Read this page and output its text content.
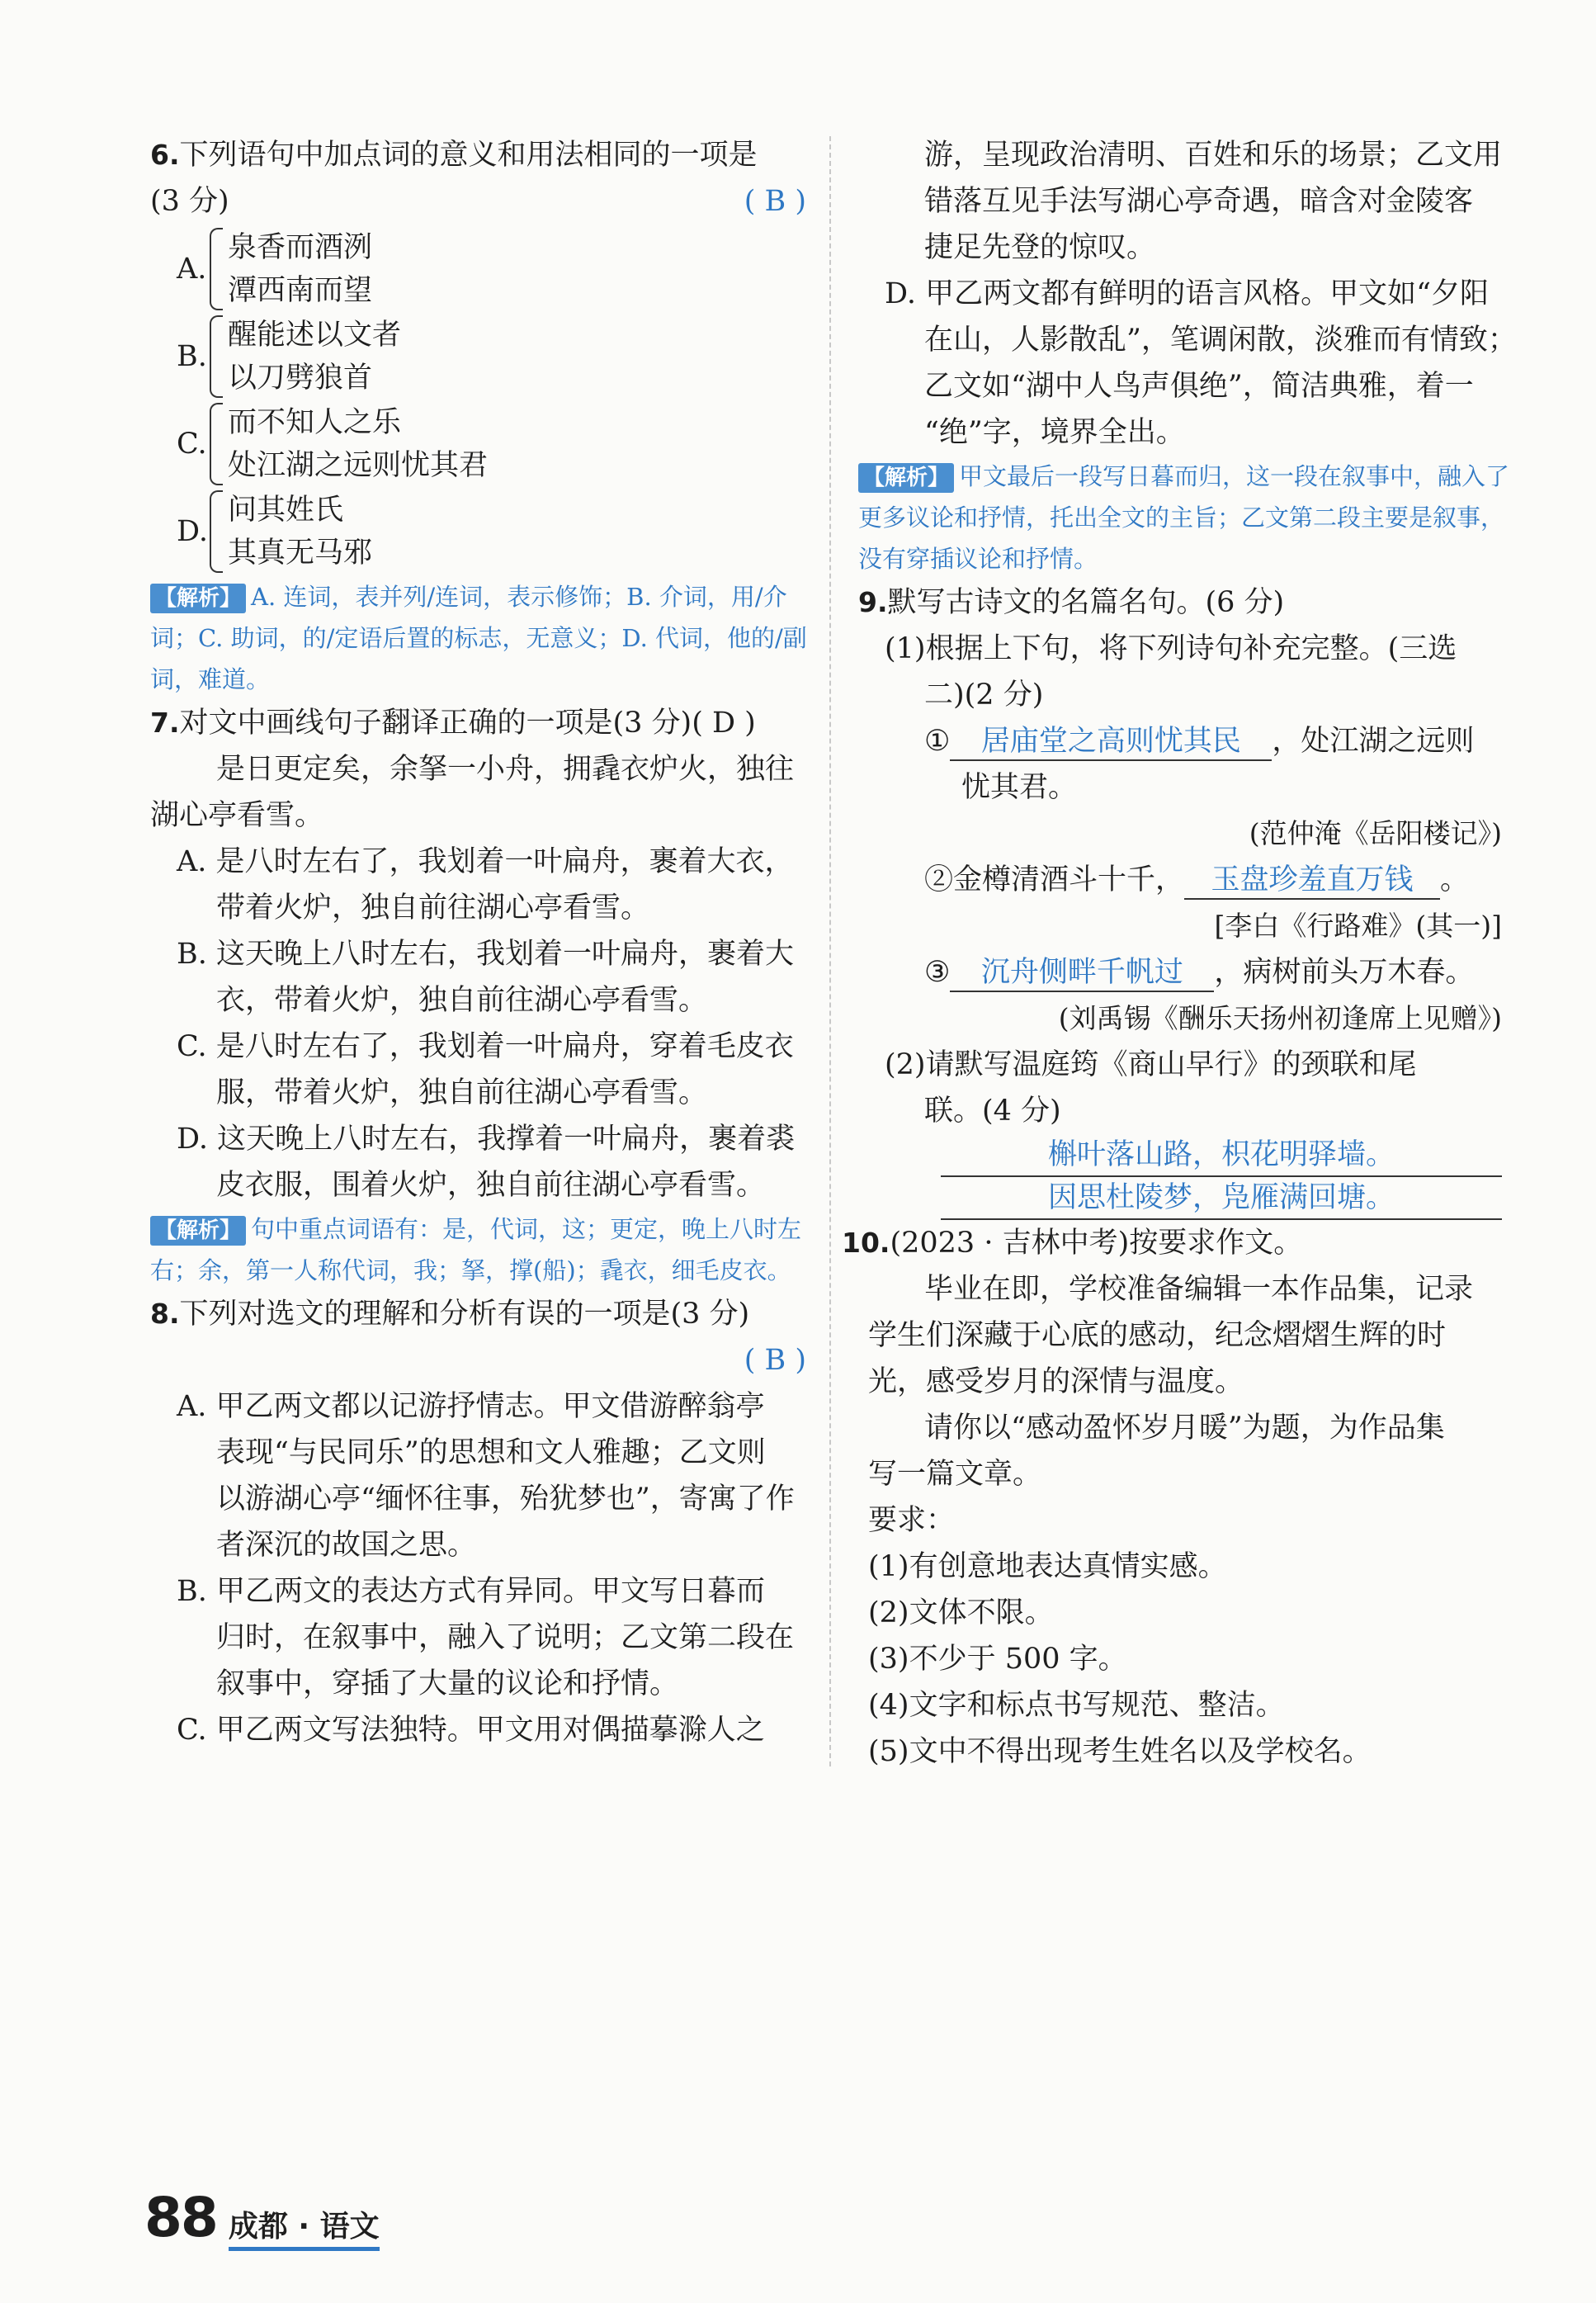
6.下列语句中加点词的意义和用法相同的一项是
(3 分)	( B )
A.
泉香而酒洌
潭西南而望
B.
醒能述以文者
以刀劈狼首
C.
而不知人之乐
处江湖之远则忧其君
D.
问其姓氏
其真无马邪
【解析】 A. 连词，表并列/连词，表示修饰；B. 介词，用/介词；C. 助词，的/定语后置的标志，无意义；D. 代词，他的/副词，难道。
7.对文中画线句子翻译正确的一项是(3 分)( D )
是日更定矣，余拏一小舟，拥毳衣炉火，独往
湖心亭看雪。
A. 是八时左右了，我划着一叶扁舟，裹着大衣，
带着火炉，独自前往湖心亭看雪。
B. 这天晚上八时左右，我划着一叶扁舟，裹着大
衣，带着火炉，独自前往湖心亭看雪。
C. 是八时左右了，我划着一叶扁舟，穿着毛皮衣
服，带着火炉，独自前往湖心亭看雪。
D. 这天晚上八时左右，我撑着一叶扁舟，裹着裘
皮衣服，围着火炉，独自前往湖心亭看雪。
【解析】 句中重点词语有：是，代词，这；更定，晚上八时左右；余，第一人称代词，我；拏，撑(船)；毳衣，细毛皮衣。
8.下列对选文的理解和分析有误的一项是(3 分)
( B )
A. 甲乙两文都以记游抒情志。甲文借游醉翁亭
表现“与民同乐”的思想和文人雅趣；乙文则
以游湖心亭“缅怀往事，殆犹梦也”，寄寓了作
者深沉的故国之思。
B. 甲乙两文的表达方式有异同。甲文写日暮而
归时，在叙事中，融入了说明；乙文第二段在
叙事中，穿插了大量的议论和抒情。
C. 甲乙两文写法独特。甲文用对偶描摹滁人之
游，呈现政治清明、百姓和乐的场景；乙文用
错落互见手法写湖心亭奇遇，暗含对金陵客
捷足先登的惊叹。
D. 甲乙两文都有鲜明的语言风格。甲文如“夕阳
在山，人影散乱”，笔调闲散，淡雅而有情致；
乙文如“湖中人鸟声俱绝”，简洁典雅，着一
“绝”字，境界全出。
【解析】 甲文最后一段写日暮而归，这一段在叙事中，融入了更多议论和抒情，托出全文的主旨；乙文第二段主要是叙事，没有穿插议论和抒情。
9.默写古诗文的名篇名句。(6 分)
(1)根据上下句，将下列诗句补充完整。(三选
二)(2 分)
① 居庙堂之高则忧其民 ，处江湖之远则
忧其君。
(范仲淹《岳阳楼记》)
②金樽清酒斗十千， 玉盘珍羞直万钱 。
[李白《行路难》(其一)]
③ 沉舟侧畔千帆过 ，病树前头万木春。
(刘禹锡《酬乐天扬州初逢席上见赠》)
(2)请默写温庭筠《商山早行》的颈联和尾
联。(4 分)
槲叶落山路，枳花明驿墙。
因思杜陵梦，凫雁满回塘。
10.(2023 · 吉林中考)按要求作文。
毕业在即，学校准备编辑一本作品集，记录
学生们深藏于心底的感动，纪念熠熠生辉的时
光，感受岁月的深情与温度。
请你以“感动盈怀岁月暖”为题，为作品集
写一篇文章。
要求：
(1)有创意地表达真情实感。
(2)文体不限。
(3)不少于 500 字。
(4)文字和标点书写规范、整洁。
(5)文中不得出现考生姓名以及学校名。
88 成都 · 语文
